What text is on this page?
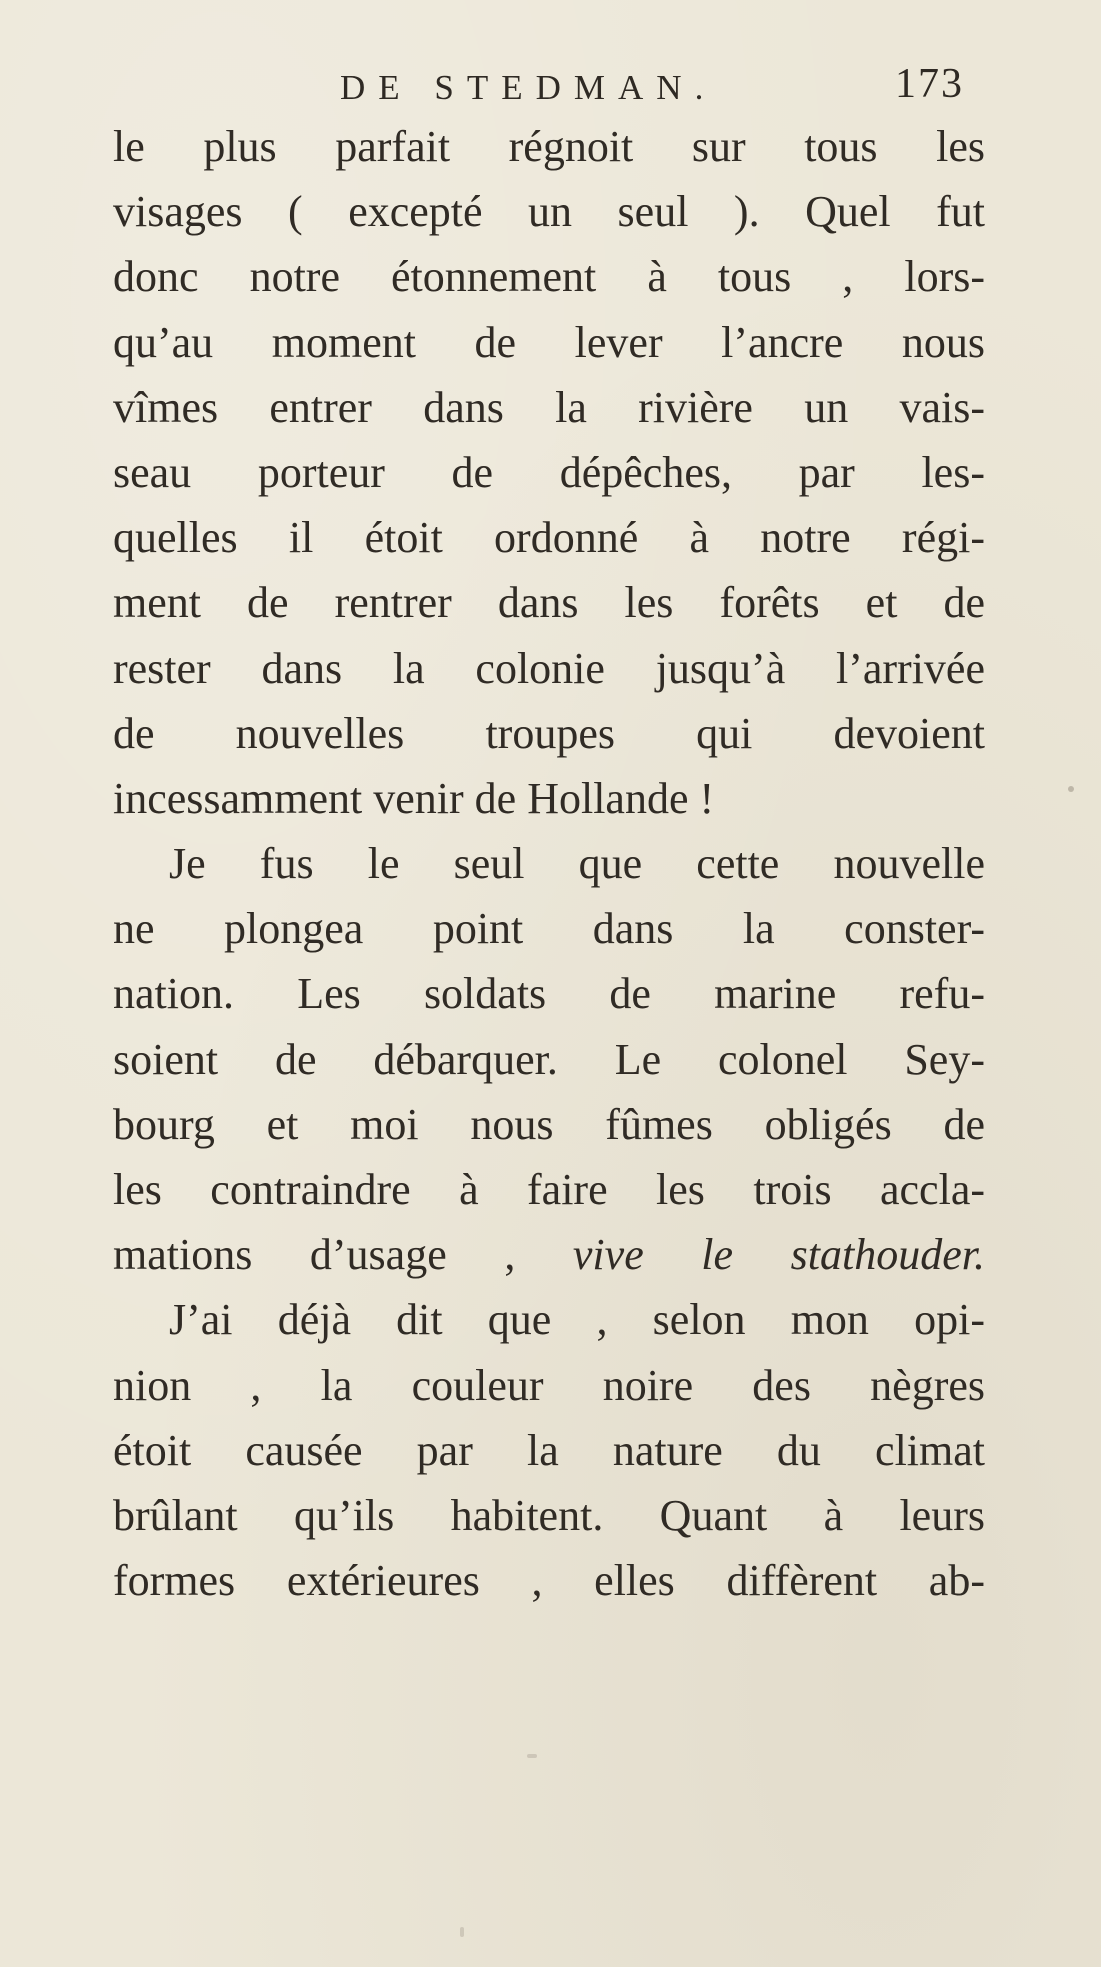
DE STEDMAN.	173
le plus parfait régnoit sur tous les
visages ( excepté un seul ). Quel fut
donc notre étonnement à tous , lors-
qu’au moment de lever l’ancre nous
vîmes entrer dans la rivière un vais-
seau porteur de dépêches, par les-
quelles il étoit ordonné à notre régi-
ment de rentrer dans les forêts et de
rester dans la colonie jusqu’à l’arrivée
de nouvelles troupes qui devoient
incessamment venir de Hollande !
Je fus le seul que cette nouvelle
ne plongea point dans la conster-
nation. Les soldats de marine refu-
soient de débarquer. Le colonel Sey-
bourg et moi nous fûmes obligés de
les contraindre à faire les trois accla-
mations d’usage , vive le stathouder.
J’ai déjà dit que , selon mon opi-
nion , la couleur noire des nègres
étoit causée par la nature du climat
brûlant qu’ils habitent. Quant à leurs
formes extérieures , elles diffèrent ab-
